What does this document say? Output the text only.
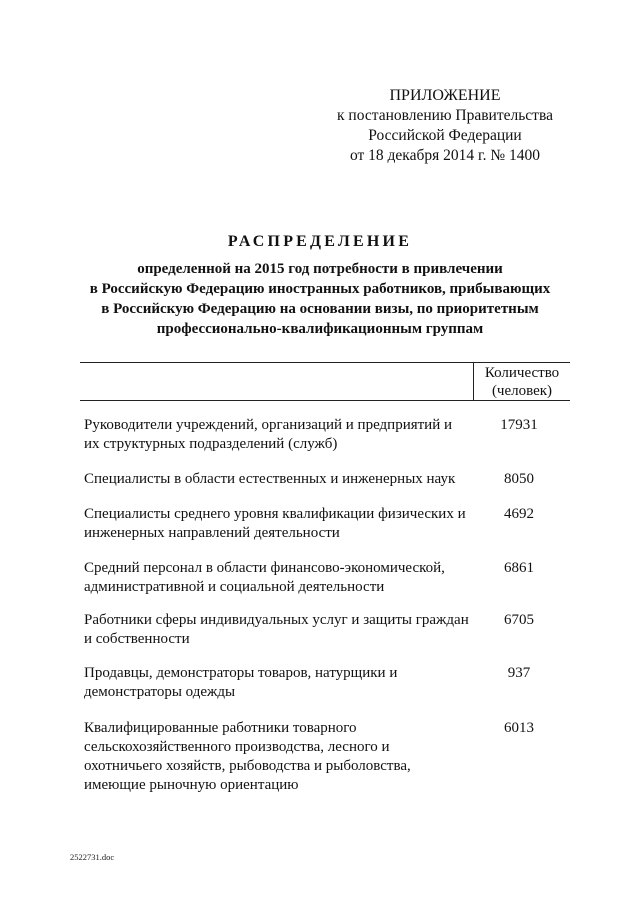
ПРИЛОЖЕНИЕ
к постановлению Правительства
Российской Федерации
от 18 декабря 2014 г. № 1400
РАСПРЕДЕЛЕНИЕ
определенной на 2015 год потребности в привлечении
в Российскую Федерацию иностранных работников, прибывающих
в Российскую Федерацию на основании визы, по приоритетным
профессионально-квалификационным группам
Количество
(человек)
Руководители учреждений, организаций и предприятий и
их структурных подразделений (служб)
17931
Специалисты в области естественных и инженерных наук	8050
Специалисты среднего уровня квалификации физических и
инженерных направлений деятельности
4692
Средний персонал в области финансово-экономической,
административной и социальной деятельности
6861
Работники сферы индивидуальных услуг и защиты граждан
и собственности
6705
Продавцы, демонстраторы товаров, натурщики и
демонстраторы одежды
937
Квалифицированные работники товарного
сельскохозяйственного производства, лесного и
охотничьего хозяйств, рыбоводства и рыболовства,
имеющие рыночную ориентацию
6013
2522731.doc
